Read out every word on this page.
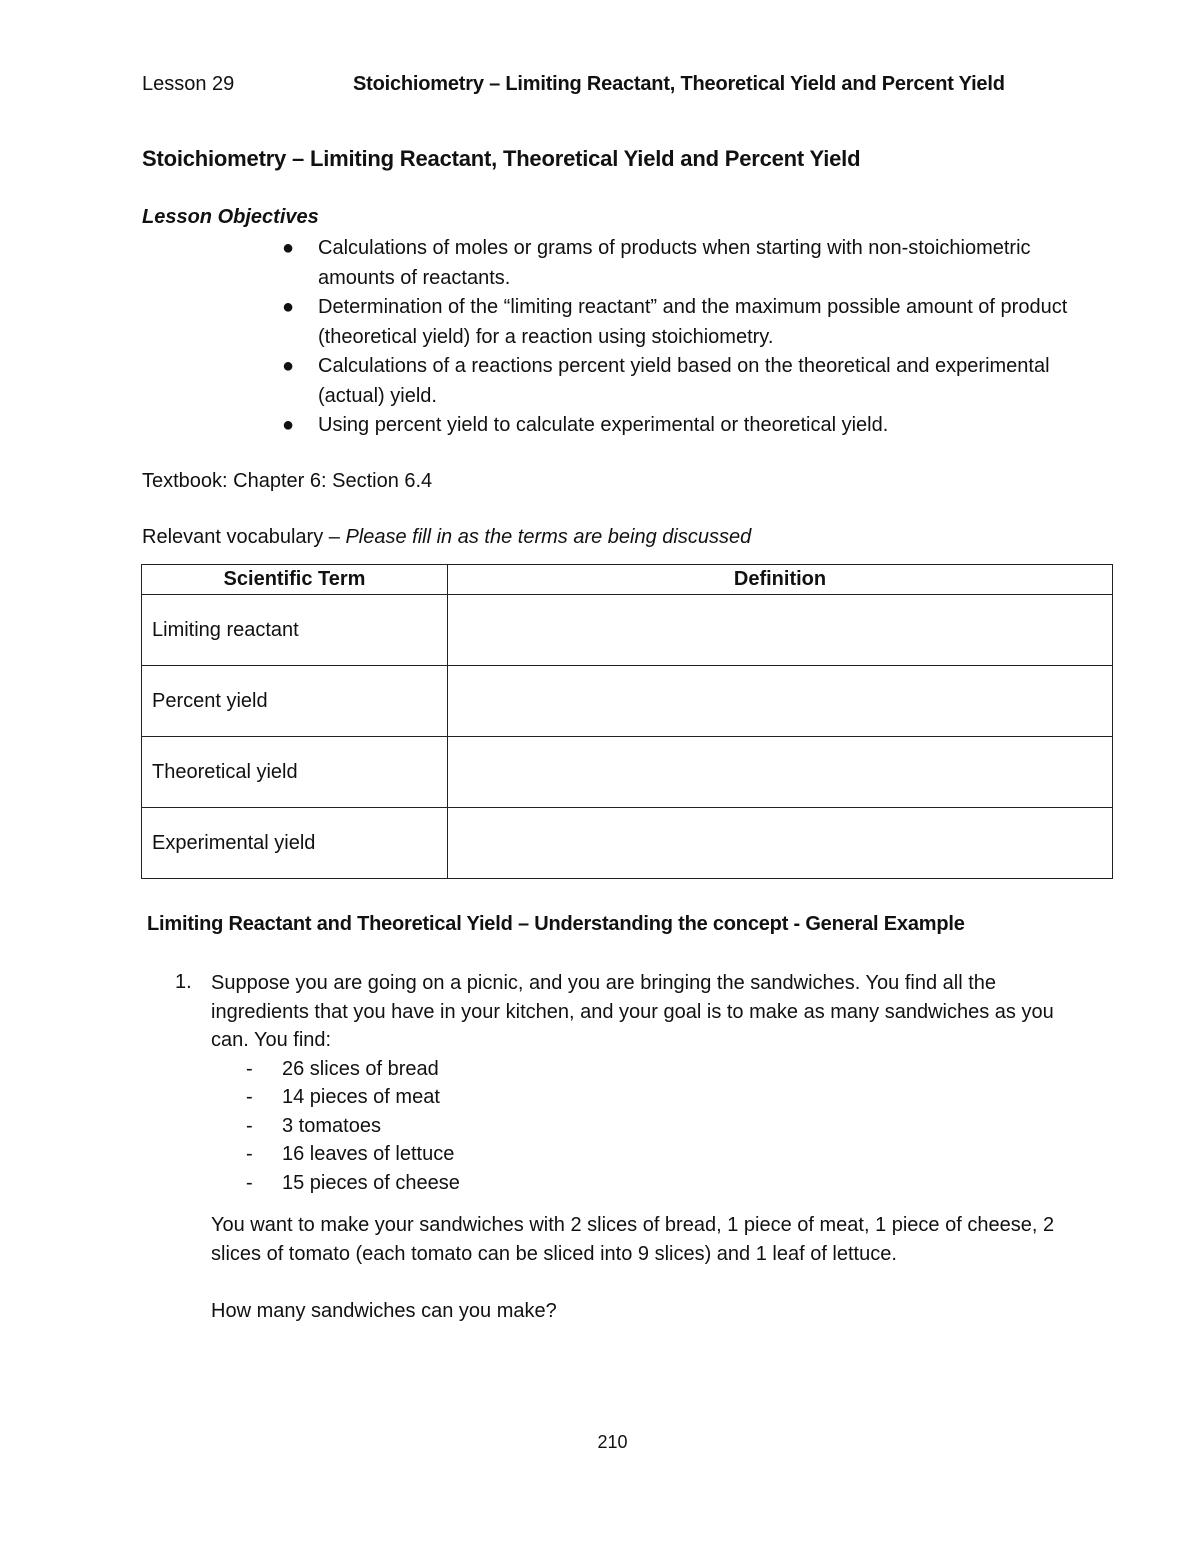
Lesson 29	Stoichiometry – Limiting Reactant, Theoretical Yield and Percent Yield
Stoichiometry – Limiting Reactant, Theoretical Yield and Percent Yield
Lesson Objectives
● Calculations of moles or grams of products when starting with non-stoichiometric amounts of reactants.
● Determination of the “limiting reactant” and the maximum possible amount of product (theoretical yield) for a reaction using stoichiometry.
● Calculations of a reactions percent yield based on the theoretical and experimental (actual) yield.
● Using percent yield to calculate experimental or theoretical yield.
Textbook: Chapter 6: Section 6.4
Relevant vocabulary – Please fill in as the terms are being discussed
Scientific Term	Definition
Limiting reactant	
Percent yield	
Theoretical yield	
Experimental yield	
Limiting Reactant and Theoretical Yield – Understanding the concept - General Example
1. Suppose you are going on a picnic, and you are bringing the sandwiches. You find all the ingredients that you have in your kitchen, and your goal is to make as many sandwiches as you can. You find:

- 26 slices of bread
- 14 pieces of meat
- 3 tomatoes
- 16 leaves of lettuce
- 15 pieces of cheese

You want to make your sandwiches with 2 slices of bread, 1 piece of meat, 1 piece of cheese, 2 slices of tomato (each tomato can be sliced into 9 slices) and 1 leaf of lettuce.

How many sandwiches can you make?

210
